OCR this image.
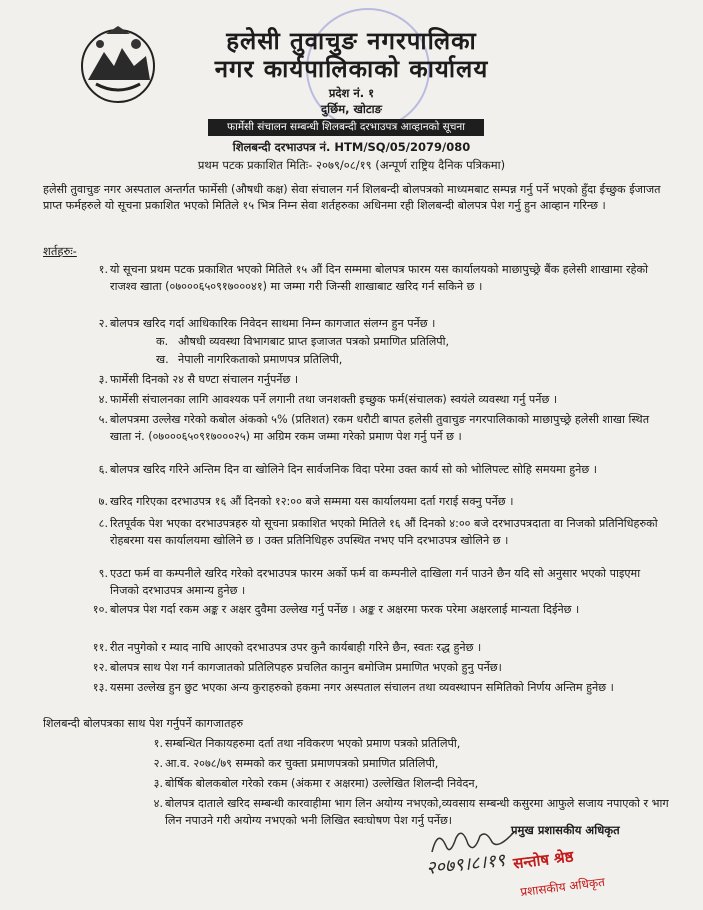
हलेसी तुवाचुङ नगरपालिका
नगर कार्यपालिकाको कार्यालय
प्रदेश नं. १
दुर्छिम, खोटाङ
फार्मेसी संचालन सम्बन्धी शिलबन्दी दरभाउपत्र आव्हानको सूचना
शिलबन्दी दरभाउपत्र नं. HTM/SQ/05/2079/080
प्रथम पटक प्रकाशित मितिः- २०७९/०८/१९ (अन्पूर्ण राष्ट्रिय दैनिक पत्रिकमा)
हलेसी तुवाचुङ नगर अस्पताल अन्तर्गत फार्मेसी (औषधी कक्ष) सेवा संचालन गर्न शिलबन्दी बोलपत्रको माध्यमबाट सम्पन्न गर्नु पर्ने भएको हुँदा ईच्छुक ईजाजत प्राप्त फर्महरुले यो सूचना प्रकाशित भएको मितिले १५ भित्र निम्न सेवा शर्तहरुका अधिनमा रही शिलबन्दी बोलपत्र पेश गर्नु हुन आव्हान गरिन्छ ।
शर्तहरुः-
१. यो सूचना प्रथम पटक प्रकाशित भएको मितिले १५ औं दिन सम्ममा बोलपत्र फारम यस कार्यालयको माछापुच्छ्रे बैंक हलेसी शाखामा रहेको राजश्व खाता (०७०००६५०९१७०००४१) मा जम्मा गरी जिन्सी शाखाबाट खरिद गर्न सकिने छ ।
२. बोलपत्र खरिद गर्दा आधिकारिक निवेदन साथमा निम्न कागजात संलग्न हुन पर्नेछ ।
क. औषधी व्यवस्था विभागबाट प्राप्त इजाजत पत्रको प्रमाणित प्रतिलिपी,
ख. नेपाली नागरिकताको प्रमाणपत्र प्रतिलिपी,
३. फार्मेसी दिनको २४ सै घण्टा संचालन गर्नुपर्नेछ ।
४. फार्मेसी संचालनका लागि आवश्यक पर्ने लगानी तथा जनशक्ती इच्छुक फर्म(संचालक) स्वयंले व्यवस्था गर्नु पर्नेछ ।
५. बोलपत्रमा उल्लेख गरेको कबोल अंकको ५% (प्रतिशत) रकम धरौटी बापत हलेसी तुवाचुङ नगरपालिकाको माछापुच्छ्रे हलेसी शाखा स्थित खाता नं. (०७०००६५०९१७०००२५) मा अग्रिम रकम जम्मा गरेको प्रमाण पेश गर्नु पर्ने छ ।
६. बोलपत्र खरिद गरिने अन्तिम दिन वा खोलिने दिन सार्वजनिक विदा परेमा उक्त कार्य सो को भोलिपल्ट सोहि समयमा हुनेछ ।
७. खरिद गरिएका दरभाउपत्र १६ औं दिनको १२:०० बजे सम्ममा यस कार्यालयमा दर्ता गराई सक्नु पर्नेछ ।
८. रितपूर्वक पेश भएका दरभाउपत्रहरु यो सूचना प्रकाशित भएको मितिले १६ औं दिनको ४:०० बजे दरभाउपत्रदाता वा निजको प्रतिनिधिहरुको रोहबरमा यस कार्यालयमा खोलिने छ । उक्त प्रतिनिधिहरु उपस्थित नभए पनि दरभाउपत्र खोलिने छ ।
९. एउटा फर्म वा कम्पनीले खरिद गरेको दरभाउपत्र फारम अर्को फर्म वा कम्पनीले दाखिला गर्न पाउने छैन यदि सो अनुसार भएको पाइएमा निजको दरभाउपत्र अमान्य हुनेछ ।
१०. बोलपत्र पेश गर्दा रकम अङ्क र अक्षर दुवैमा उल्लेख गर्नु पर्नेछ । अङ्क र अक्षरमा फरक परेमा अक्षरलाई मान्यता दिईनेछ ।
११. रीत नपुगेको र म्याद नाघि आएको दरभाउपत्र उपर कुनै कार्यबाही गरिने छैन, स्वतः रद्ध हुनेछ ।
१२. बोलपत्र साथ पेश गर्न कागजातको प्रतिलिपहरु प्रचलित कानुन बमोजिम प्रमाणित भएको हुनु पर्नेछ।
१३. यसमा उल्लेख हुन छुट भएका अन्य कुराहरुको हकमा नगर अस्पताल संचालन तथा व्यवस्थापन समितिको निर्णय अन्तिम हुनेछ ।
शिलबन्दी बोलपत्रका साथ पेश गर्नुपर्ने कागजातहरु
१. सम्बन्धित निकायहरुमा दर्ता तथा नविकरण भएको प्रमाण पत्रको प्रतिलिपी,
२. आ.व. २०७८/७९ सम्मको कर चुक्ता प्रमाणपत्रको प्रमाणित प्रतिलिपी,
३. बोर्षिक बोलकबोल गरेको रकम (अंकमा र अक्षरमा) उल्लेखित शिलन्दी निवेदन,
४. बोलपत्र दाताले खरिद सम्बन्धी कारवाहीमा भाग लिन अयोग्य नभएको,व्यवसाय सम्बन्धी कसुरमा आफुले सजाय नपाएको र भाग लिन नपाउने गरी अयोग्य नभएको भनी लिखित स्वःघोषण पेश गर्नु पर्नेछ।
२०७९।८।१९
प्रमुख प्रशासकीय अधिकृत
सन्तोष श्रेष्ठ
प्रशासकीय अधिकृत
